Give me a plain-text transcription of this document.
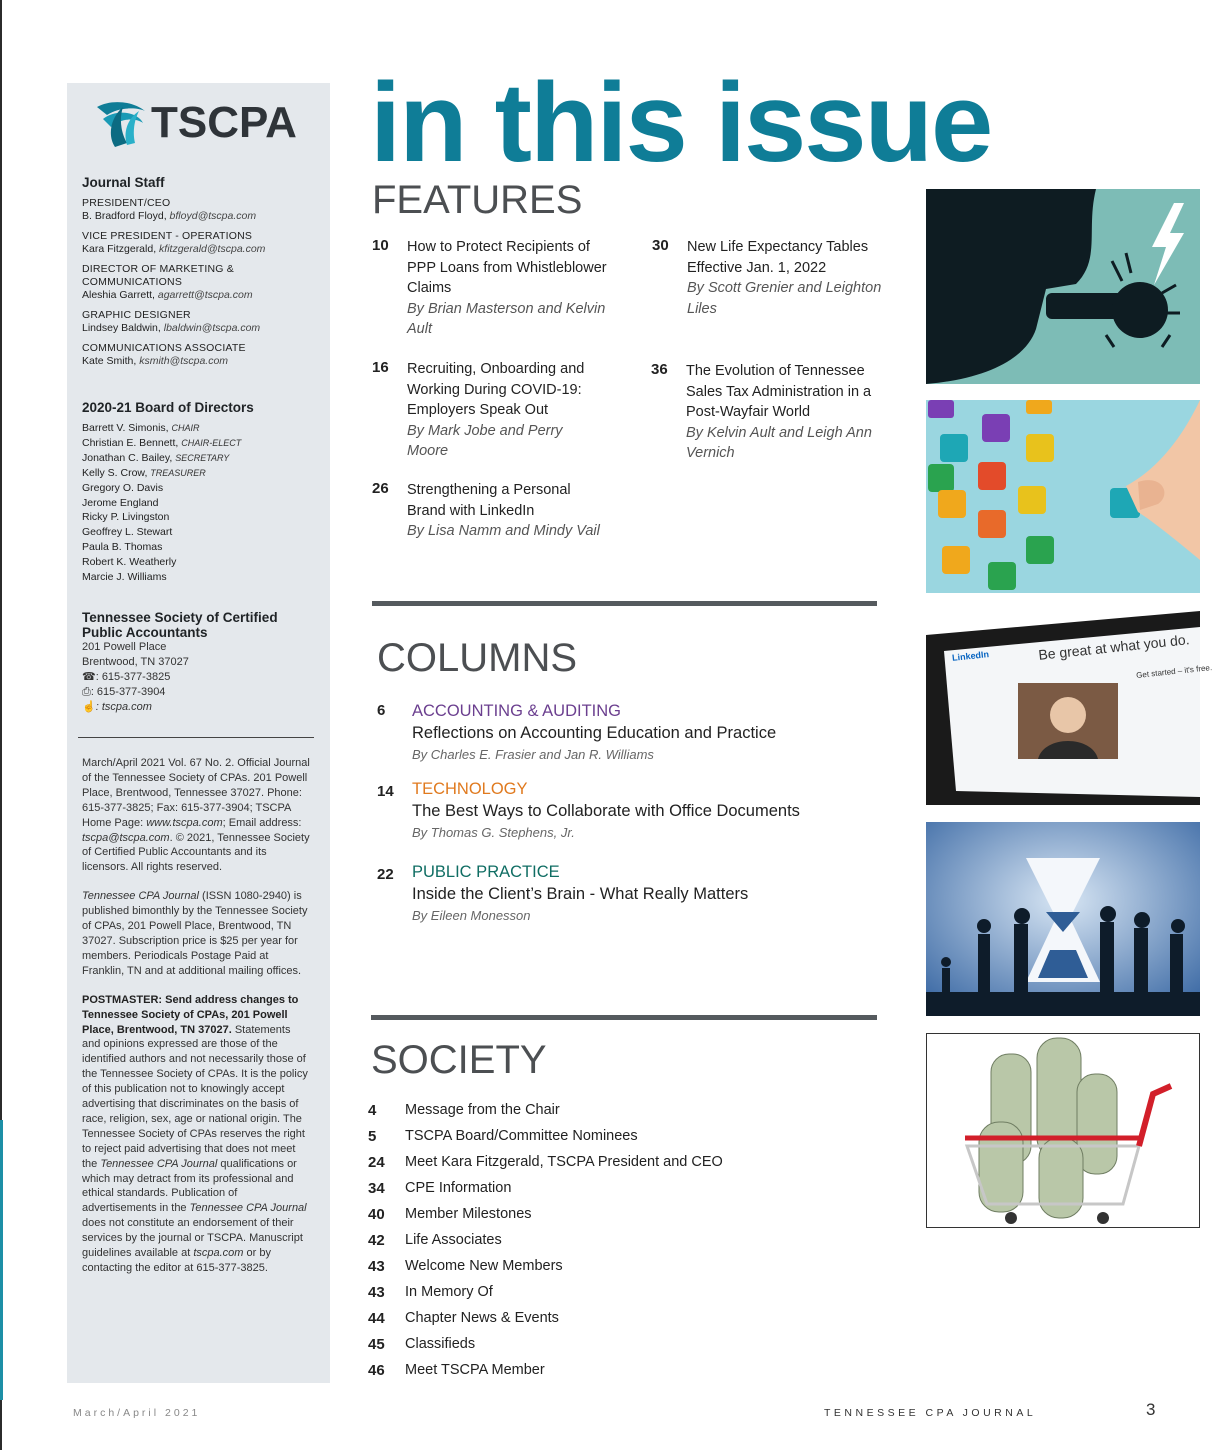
TSCPA
Journal Staff
PRESIDENT/CEO
B. Bradford Floyd, bfloyd@tscpa.com
VICE PRESIDENT - OPERATIONS
Kara Fitzgerald, kfitzgerald@tscpa.com
DIRECTOR OF MARKETING & COMMUNICATIONS
Aleshia Garrett, agarrett@tscpa.com
GRAPHIC DESIGNER
Lindsey Baldwin, lbaldwin@tscpa.com
COMMUNICATIONS ASSOCIATE
Kate Smith, ksmith@tscpa.com
2020-21 Board of Directors
Barrett V. Simonis, CHAIR
Christian E. Bennett, CHAIR-ELECT
Jonathan C. Bailey, SECRETARY
Kelly S. Crow, TREASURER
Gregory O. Davis
Jerome England
Ricky P. Livingston
Geoffrey L. Stewart
Paula B. Thomas
Robert K. Weatherly
Marcie J. Williams
Tennessee Society of Certified
Public Accountants
201 Powell Place
Brentwood, TN 37027
☎: 615-377-3825
⎙: 615-377-3904
☝: tscpa.com

March/April 2021 Vol. 67 No. 2. Official Journal of the Tennessee Society of CPAs. 201 Powell Place, Brentwood, Tennessee 37027. Phone: 615-377-3825; Fax: 615-377-3904; TSCPA Home Page: www.tscpa.com; Email address: tscpa@tscpa.com. © 2021, Tennessee Society of Certified Public Accountants and its licensors. All rights reserved.

Tennessee CPA Journal (ISSN 1080-2940) is published bimonthly by the Tennessee Society of CPAs, 201 Powell Place, Brentwood, TN 37027. Subscription price is $25 per year for members. Periodicals Postage Paid at Franklin, TN and at additional mailing offices.

POSTMASTER: Send address changes to Tennessee Society of CPAs, 201 Powell Place, Brentwood, TN 37027. Statements and opinions expressed are those of the identified authors and not necessarily those of the Tennessee Society of CPAs. It is the policy of this publication not to knowingly accept advertising that discriminates on the basis of race, religion, sex, age or national origin. The Tennessee Society of CPAs reserves the right to reject paid advertising that does not meet the Tennessee CPA Journal qualifications or which may detract from its professional and ethical standards. Publication of advertisements in the Tennessee CPA Journal does not constitute an endorsement of their services by the journal or TSCPA. Manuscript guidelines available at tscpa.com or by contacting the editor at 615-377-3825.

in this issue
FEATURES
10 How to Protect Recipients of PPP Loans from Whistleblower Claims
By Brian Masterson and Kelvin Ault
16 Recruiting, Onboarding and Working During COVID-19: Employers Speak Out
By Mark Jobe and Perry Moore
26 Strengthening a Personal Brand with LinkedIn
By Lisa Namm and Mindy Vail
30 New Life Expectancy Tables Effective Jan. 1, 2022
By Scott Grenier and Leighton Liles
36 The Evolution of Tennessee Sales Tax Administration in a Post-Wayfair World
By Kelvin Ault and Leigh Ann Vernich
COLUMNS
6 ACCOUNTING & AUDITING
Reflections on Accounting Education and Practice
By Charles E. Frasier and Jan R. Williams
14 TECHNOLOGY
The Best Ways to Collaborate with Office Documents
By Thomas G. Stephens, Jr.
22 PUBLIC PRACTICE
Inside the Client’s Brain - What Really Matters
By Eileen Monesson
SOCIETY
4 Message from the Chair
5 TSCPA Board/Committee Nominees
24 Meet Kara Fitzgerald, TSCPA President and CEO
34 CPE Information
40 Member Milestones
42 Life Associates
43 Welcome New Members
43 In Memory Of
44 Chapter News & Events
45 Classifieds
46 Meet TSCPA Member
LinkedIn	Be great at what you do.
Get started – it's free.
March/April 2021	TENNESSEE CPA JOURNAL	3
